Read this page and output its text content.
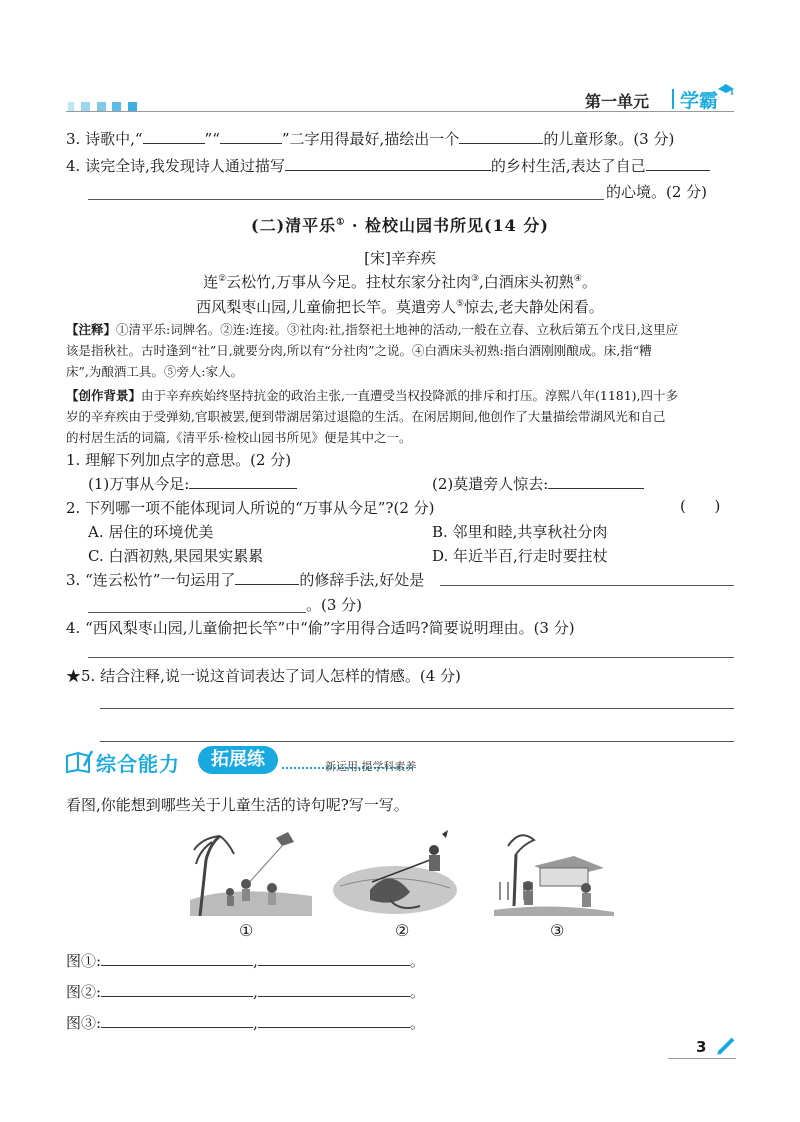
第一单元 学霸
3. 诗歌中,“	”“	”二字用得最好,描绘出一个	的儿童形象。(3 分)
4. 读完全诗,我发现诗人通过描写	的乡村生活,表达了自己
的心境。(2 分)
(二)清平乐① · 检校山园书所见(14 分)
[宋]辛弃疾
连②云松竹,万事从今足。拄杖东家分社肉③,白酒床头初熟④。
西风梨枣山园,儿童偷把长竿。莫遣旁人⑤惊去,老夫静处闲看。
【注释】①清平乐:词牌名。②连:连接。③社肉:社,指祭祀土地神的活动,一般在立春、立秋后第五个戊日,这里应
该是指秋社。古时逢到“社”日,就要分肉,所以有“分社肉”之说。④白酒床头初熟:指白酒刚刚酿成。床,指“糟
床”,为酿酒工具。⑤旁人:家人。
【创作背景】由于辛弃疾始终坚持抗金的政治主张,一直遭受当权投降派的排斥和打压。淳熙八年(1181),四十多
岁的辛弃疾由于受弹劾,官职被罢,便到带湖居第过退隐的生活。在闲居期间,他创作了大量描绘带湖风光和自己
的村居生活的词篇,《清平乐·检校山园书所见》便是其中之一。
1. 理解下列加点字的意思。(2 分)
(1)万事从今足:	(2)莫遣旁人惊去:
2. 下列哪一项不能体现词人所说的“万事从今足”?(2 分)	(      )
A. 居住的环境优美	B. 邻里和睦,共享秋社分肉
C. 白酒初熟,果园果实累累	D. 年近半百,行走时要拄杖
3. “连云松竹”一句运用了	的修辞手法,好处是
。(3 分)
4. “西风梨枣山园,儿童偷把长竿”中“偷”字用得合适吗?简要说明理由。(3 分)
★5. 结合注释,说一说这首词表达了词人怎样的情感。(4 分)
综合能力	拓展练	新运用,提学科素养
看图,你能想到哪些关于儿童生活的诗句呢?写一写。
①	②	③
图①:	,	。
图②:	,	。
图③:	,	。
3
